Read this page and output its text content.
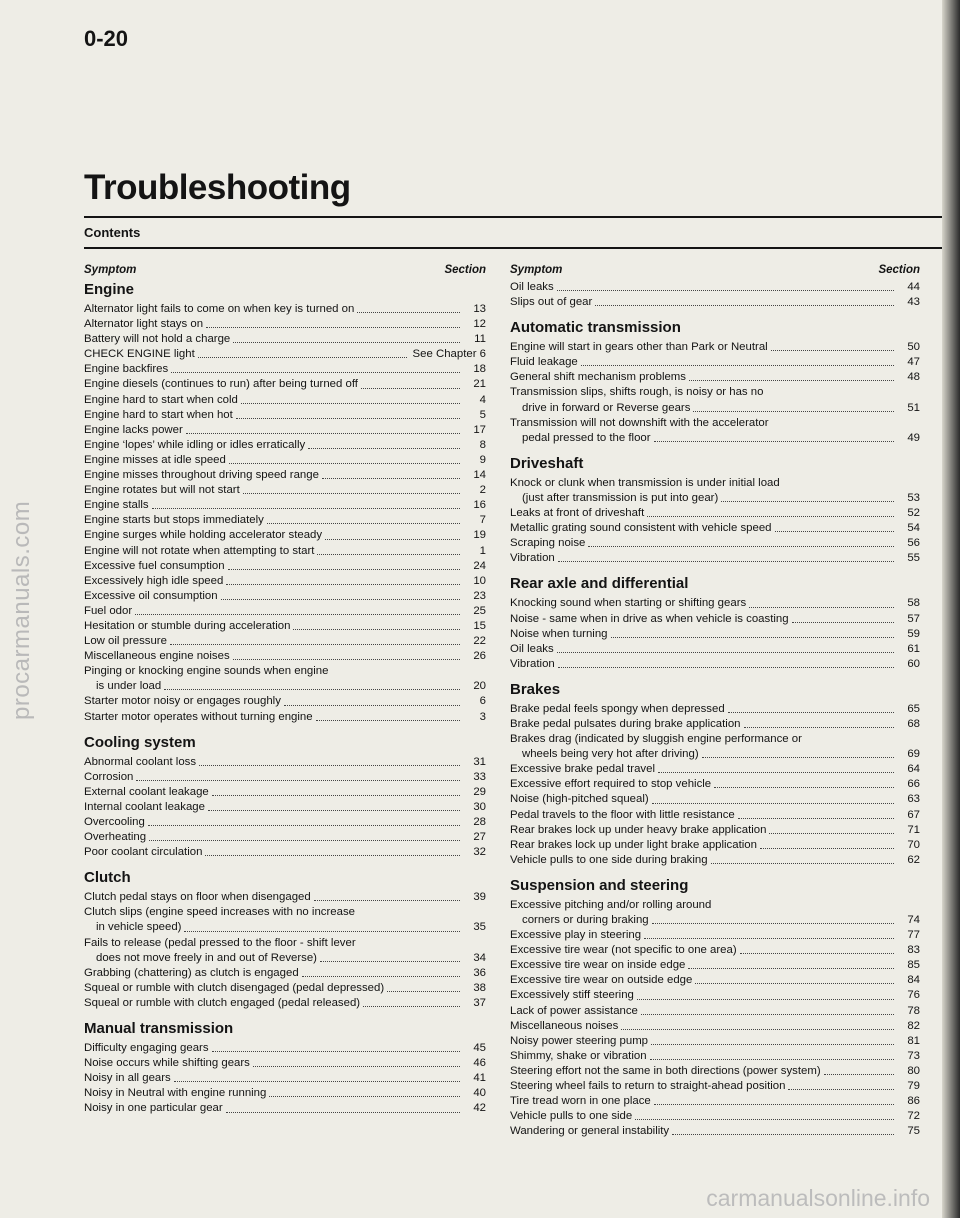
0-20
Troubleshooting
Contents
Symptom	Section
Engine
Alternator light fails to come on when key is turned on	13
Alternator light stays on	12
Battery will not hold a charge	11
CHECK ENGINE light	See Chapter 6
Engine backfires	18
Engine diesels (continues to run) after being turned off	21
Engine hard to start when cold	4
Engine hard to start when hot	5
Engine lacks power	17
Engine ‘lopes’ while idling or idles erratically	8
Engine misses at idle speed	9
Engine misses throughout driving speed range	14
Engine rotates but will not start	2
Engine stalls	16
Engine starts but stops immediately	7
Engine surges while holding accelerator steady	19
Engine will not rotate when attempting to start	1
Excessive fuel consumption	24
Excessively high idle speed	10
Excessive oil consumption	23
Fuel odor	25
Hesitation or stumble during acceleration	15
Low oil pressure	22
Miscellaneous engine noises	26
Pinging or knocking engine sounds when engine
is under load	20
Starter motor noisy or engages roughly	6
Starter motor operates without turning engine	3
Cooling system
Abnormal coolant loss	31
Corrosion	33
External coolant leakage	29
Internal coolant leakage	30
Overcooling	28
Overheating	27
Poor coolant circulation	32
Clutch
Clutch pedal stays on floor when disengaged	39
Clutch slips (engine speed increases with no increase
in vehicle speed)	35
Fails to release (pedal pressed to the floor - shift lever
does not move freely in and out of Reverse)	34
Grabbing (chattering) as clutch is engaged	36
Squeal or rumble with clutch disengaged (pedal depressed)	38
Squeal or rumble with clutch engaged (pedal released)	37
Manual transmission
Difficulty engaging gears	45
Noise occurs while shifting gears	46
Noisy in all gears	41
Noisy in Neutral with engine running	40
Noisy in one particular gear	42
Symptom	Section
Oil leaks	44
Slips out of gear	43
Automatic transmission
Engine will start in gears other than Park or Neutral	50
Fluid leakage	47
General shift mechanism problems	48
Transmission slips, shifts rough, is noisy or has no
drive in forward or Reverse gears	51
Transmission will not downshift with the accelerator
pedal pressed to the floor	49
Driveshaft
Knock or clunk when transmission is under initial load
(just after transmission is put into gear)	53
Leaks at front of driveshaft	52
Metallic grating sound consistent with vehicle speed	54
Scraping noise	56
Vibration	55
Rear axle and differential
Knocking sound when starting or shifting gears	58
Noise - same when in drive as when vehicle is coasting	57
Noise when turning	59
Oil leaks	61
Vibration	60
Brakes
Brake pedal feels spongy when depressed	65
Brake pedal pulsates during brake application	68
Brakes drag (indicated by sluggish engine performance or
wheels being very hot after driving)	69
Excessive brake pedal travel	64
Excessive effort required to stop vehicle	66
Noise (high-pitched squeal)	63
Pedal travels to the floor with little resistance	67
Rear brakes lock up under heavy brake application	71
Rear brakes lock up under light brake application	70
Vehicle pulls to one side during braking	62
Suspension and steering
Excessive pitching and/or rolling around
corners or during braking	74
Excessive play in steering	77
Excessive tire wear (not specific to one area)	83
Excessive tire wear on inside edge	85
Excessive tire wear on outside edge	84
Excessively stiff steering	76
Lack of power assistance	78
Miscellaneous noises	82
Noisy power steering pump	81
Shimmy, shake or vibration	73
Steering effort not the same in both directions (power system)	80
Steering wheel fails to return to straight-ahead position	79
Tire tread worn in one place	86
Vehicle pulls to one side	72
Wandering or general instability	75
procarmanuals.com
carmanualsonline.info
